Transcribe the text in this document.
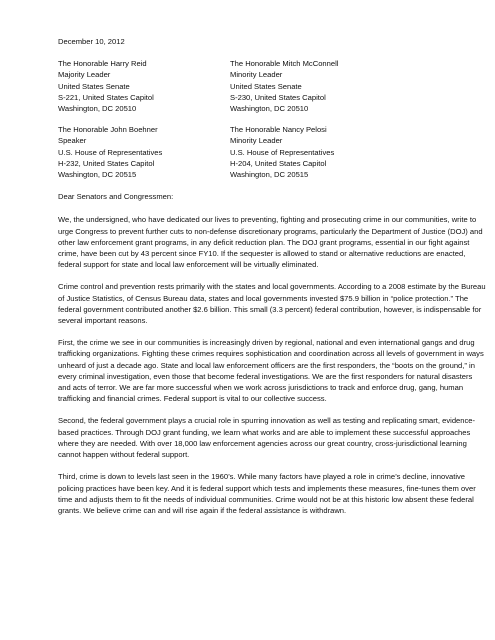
December 10, 2012
The Honorable Harry Reid
Majority Leader
United States Senate
S-221, United States Capitol
Washington, DC 20510
The Honorable Mitch McConnell
Minority Leader
United States Senate
S-230, United States Capitol
Washington, DC 20510
The Honorable John Boehner
Speaker
U.S. House of Representatives
H-232, United States Capitol
Washington, DC 20515
The Honorable Nancy Pelosi
Minority Leader
U.S. House of Representatives
H-204, United States Capitol
Washington, DC 20515

Dear Senators and Congressmen:

We, the undersigned, who have dedicated our lives to preventing, fighting and prosecuting crime in our communities, write to urge Congress to prevent further cuts to non-defense discretionary programs, particularly the Department of Justice (DOJ) and other law enforcement grant programs, in any deficit reduction plan. The DOJ grant programs, essential in our fight against crime, have been cut by 43 percent since FY10. If the sequester is allowed to stand or alternative reductions are enacted, federal support for state and local law enforcement will be virtually eliminated.

Crime control and prevention rests primarily with the states and local governments. According to a 2008 estimate by the Bureau of Justice Statistics, of Census Bureau data, states and local governments invested $75.9 billion in “police protection.” The federal government contributed another $2.6 billion. This small (3.3 percent) federal contribution, however, is indispensable for several important reasons.

First, the crime we see in our communities is increasingly driven by regional, national and even international gangs and drug trafficking organizations. Fighting these crimes requires sophistication and coordination across all levels of government in ways unheard of just a decade ago. State and local law enforcement officers are the first responders, the “boots on the ground,” in every criminal investigation, even those that become federal investigations. We are the first responders for natural disasters and acts of terror. We are far more successful when we work across jurisdictions to track and enforce drug, gang, human trafficking and financial crimes. Federal support is vital to our collective success.

Second, the federal government plays a crucial role in spurring innovation as well as testing and replicating smart, evidence-based practices. Through DOJ grant funding, we learn what works and are able to implement these successful approaches where they are needed. With over 18,000 law enforcement agencies across our great country, cross-jurisdictional learning cannot happen without federal support.

Third, crime is down to levels last seen in the 1960’s. While many factors have played a role in crime’s decline, innovative policing practices have been key. And it is federal support which tests and implements these measures, fine-tunes them over time and adjusts them to fit the needs of individual communities. Crime would not be at this historic low absent these federal grants. We believe crime can and will rise again if the federal assistance is withdrawn.
